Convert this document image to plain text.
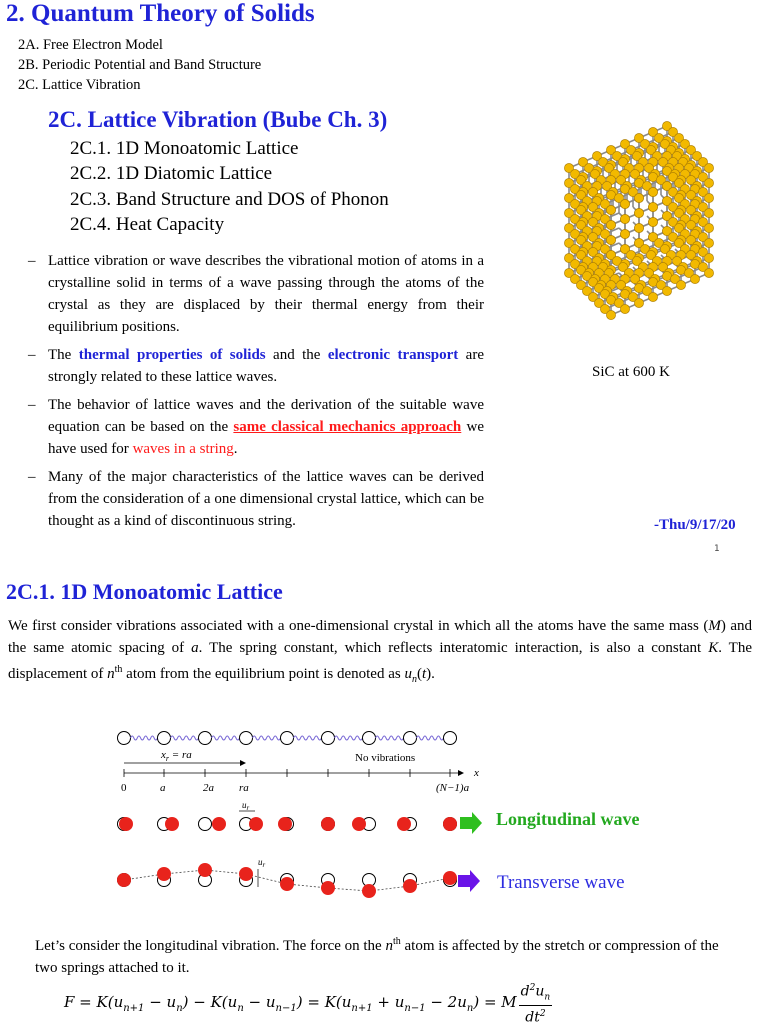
2. Quantum Theory of Solids
2A. Free Electron Model
2B. Periodic Potential and Band Structure
2C. Lattice Vibration
2C. Lattice Vibration (Bube Ch. 3)
2C.1. 1D Monoatomic Lattice
2C.2. 1D Diatomic Lattice
2C.3. Band Structure and DOS of Phonon
2C.4. Heat Capacity
– Lattice vibration or wave describes the vibrational motion of atoms in a crystalline solid in terms of a wave passing through the atoms of the crystal as they are displaced by their thermal energy from their equilibrium positions.
– The thermal properties of solids and the electronic transport are strongly related to these lattice waves.
– The behavior of lattice waves and the derivation of the suitable wave equation can be based on the same classical mechanics approach we have used for waves in a string.
– Many of the major characteristics of the lattice waves can be derived from the consideration of a one dimensional crystal lattice, which can be thought as a kind of discontinuous string.
SiC at 600 K
-Thu/9/17/20
1
2C.1. 1D Monoatomic Lattice
We first consider vibrations associated with a one-dimensional crystal in which all the atoms have the same mass (M) and the same atomic spacing of a. The spring constant, which reflects interatomic interaction, is also a constant K. The displacement of $n^{th}$ atom from the equilibrium point is denoted as $u_n(t)$.
$x_r$ = ra	No vibrations
x
0	a	2a ra	(N−1)a
$u_r$
$u_r$
Longitudinal wave
Transverse wave
Let’s consider the longitudinal vibration. The force on the $n^{th}$ atom is affected by the stretch or compression of the two springs attached to it.
$F = K(u_{n+1} - u_n) - K(u_n - u_{n-1}) = K(u_{n+1} + u_{n-1} - 2u_n) = M$
$d^2u_n$
$dt^2$
